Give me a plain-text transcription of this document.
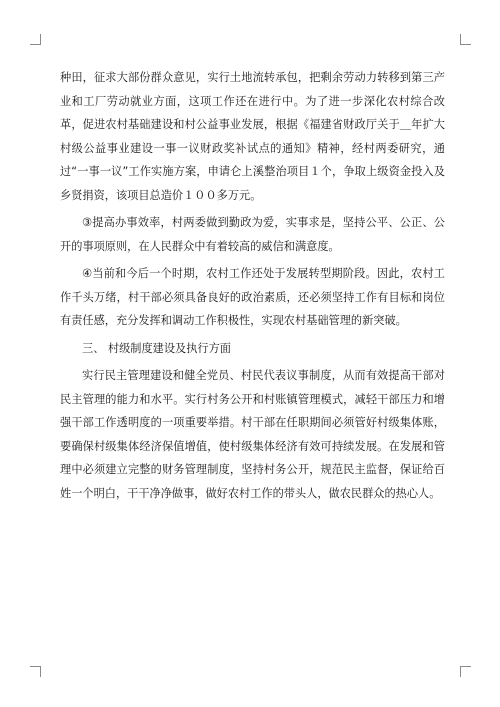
种田，征求大部份群众意见，实行土地流转承包，把剩余劳动力转移到第三产业和工厂劳动就业方面，这项工作还在进行中。为了进一步深化农村综合改革，促进农村基础建设和村公益事业发展，根据《福建省财政厅关于＿年扩大村级公益事业建设一事一议财政奖补试点的通知》精神，经村两委研究，通过“一事一议”工作实施方案，申请仑上溪整治项目１个，争取上级资金投入及乡贤捐资，该项目总造价１００多万元。

③提高办事效率，村两委做到勤政为爱，实事求是，坚持公平、公正、公开的事项原则，在人民群众中有着较高的威信和满意度。

④当前和今后一个时期，农村工作还处于发展转型期阶段。因此，农村工作千头万绪，村干部必须具备良好的政治素质，还必须坚持工作有目标和岗位有责任感，充分发挥和调动工作积极性，实现农村基础管理的新突破。

三、 村级制度建设及执行方面

实行民主管理建设和健全党员、村民代表议事制度，从而有效提高干部对民主管理的能力和水平。实行村务公开和村账镇管理模式，减轻干部压力和增强干部工作透明度的一项重要举措。村干部在任职期间必须管好村级集体账，要确保村级集体经济保值增值，使村级集体经济有效可持续发展。在发展和管理中必须建立完整的财务管理制度，坚持村务公开，规范民主监督，保证给百姓一个明白，干干净净做事，做好农村工作的带头人，做农民群众的热心人。
